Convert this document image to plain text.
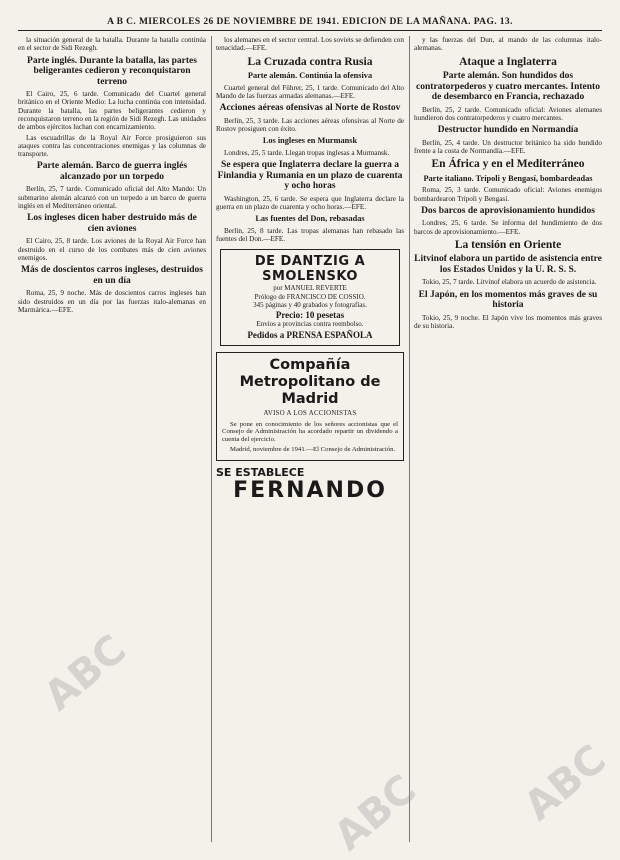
A B C. MIERCOLES 26 DE NOVIEMBRE DE 1941. EDICION DE LA MAÑANA. PAG. 13.

la situación general de la batalla. Durante la batalla continúa en el sector de Sidi Rezegh.

Parte inglés. Durante la batalla, las partes beligerantes cedieron y reconquistaron terreno

El Cairo, 25, 6 tarde. Comunicado del Cuartel general británico en el Oriente Medio: La lucha continúa con intensidad. Durante la batalla, las partes beligerantes cedieron y reconquistaron terreno en la región de Sidi Rezegh. Las unidades de ambos ejércitos luchan con encarnizamiento.

Las escuadrillas de la Royal Air Force prosiguieron sus ataques contra las concentraciones enemigas y las columnas de transporte.

Parte alemán. Barco de guerra inglés alcanzado por un torpedo

Berlín, 25, 7 tarde. Comunicado oficial del Alto Mando: Un submarino alemán alcanzó con un torpedo a un barco de guerra inglés en el Mediterráneo oriental.

Los ingleses dicen haber destruido más de cien aviones

El Cairo, 25, 8 tarde. Los aviones de la Royal Air Force han destruido en el curso de los combates más de cien aviones enemigos.

Más de doscientos carros ingleses, destruidos en un día

Roma, 25, 9 noche. Más de doscientos carros ingleses han sido destruidos en un día por las fuerzas italo-alemanas en Marmárica.—EFE.

los alemanes en el sector central. Los soviets se defienden con tenacidad.—EFE.

La Cruzada contra Rusia
Parte alemán. Continúa la ofensiva

Cuartel general del Führer, 25, 1 tarde. Comunicado del Alto Mando de las fuerzas armadas alemanas.—EFE.

Acciones aéreas ofensivas al Norte de Rostov

Berlín, 25, 3 tarde. Las acciones aéreas ofensivas al Norte de Rostov prosiguen con éxito.

Los ingleses en Murmansk

Londres, 25, 5 tarde. Llegan tropas inglesas a Murmansk.

Se espera que Inglaterra declare la guerra a Finlandia y Rumania en un plazo de cuarenta y ocho horas

Washington, 25, 6 tarde. Se espera que Inglaterra declare la guerra en un plazo de cuarenta y ocho horas.—EFE.

Las fuentes del Don, rebasadas

Berlín, 25, 8 tarde. Las tropas alemanas han rebasado las fuentes del Don.—EFE.

DE DANTZIG A SMOLENSKO
por MANUEL REVERTE
Prólogo de FRANCISCO DE COSSIO.
345 páginas y 40 grabados y fotografías.
Precio: 10 pesetas
Envíos a provincias contra reembolso.
Pedidos a PRENSA ESPAÑOLA
Compañía Metropolitano de Madrid
AVISO A LOS ACCIONISTAS

Se pone en conocimiento de los señores accionistas que el Consejo de Administración ha acordado repartir un dividendo a cuenta del ejercicio.

Madrid, noviembre de 1941.—El Consejo de Administración.

SE ESTABLECE
FERNANDO

y las fuerzas del Dun, al mando de las columnas italo-alemanas.

Ataque a Inglaterra
Parte alemán. Son hundidos dos contratorpederos y cuatro mercantes. Intento de desembarco en Francia, rechazado

Berlín, 25, 2 tarde. Comunicado oficial: Aviones alemanes hundieron dos contratorpederos y cuatro mercantes.

Destructor hundido en Normandía

Berlín, 25, 4 tarde. Un destructor británico ha sido hundido frente a la costa de Normandía.—EFE.

En África y en el Mediterráneo
Parte italiano. Trípoli y Bengasí, bombardeadas

Roma, 25, 3 tarde. Comunicado oficial: Aviones enemigos bombardearon Trípoli y Bengasí.

Dos barcos de aprovisionamiento hundidos

Londres, 25, 6 tarde. Se informa del hundimiento de dos barcos de aprovisionamiento.—EFE.

La tensión en Oriente
Litvinof elabora un partido de asistencia entre los Estados Unidos y la U. R. S. S.

Tokio, 25, 7 tarde. Litvinof elabora un acuerdo de asistencia.

El Japón, en los momentos más graves de su historia

Tokio, 25, 9 noche. El Japón vive los momentos más graves de su historia.

ABC
ABC ABC
